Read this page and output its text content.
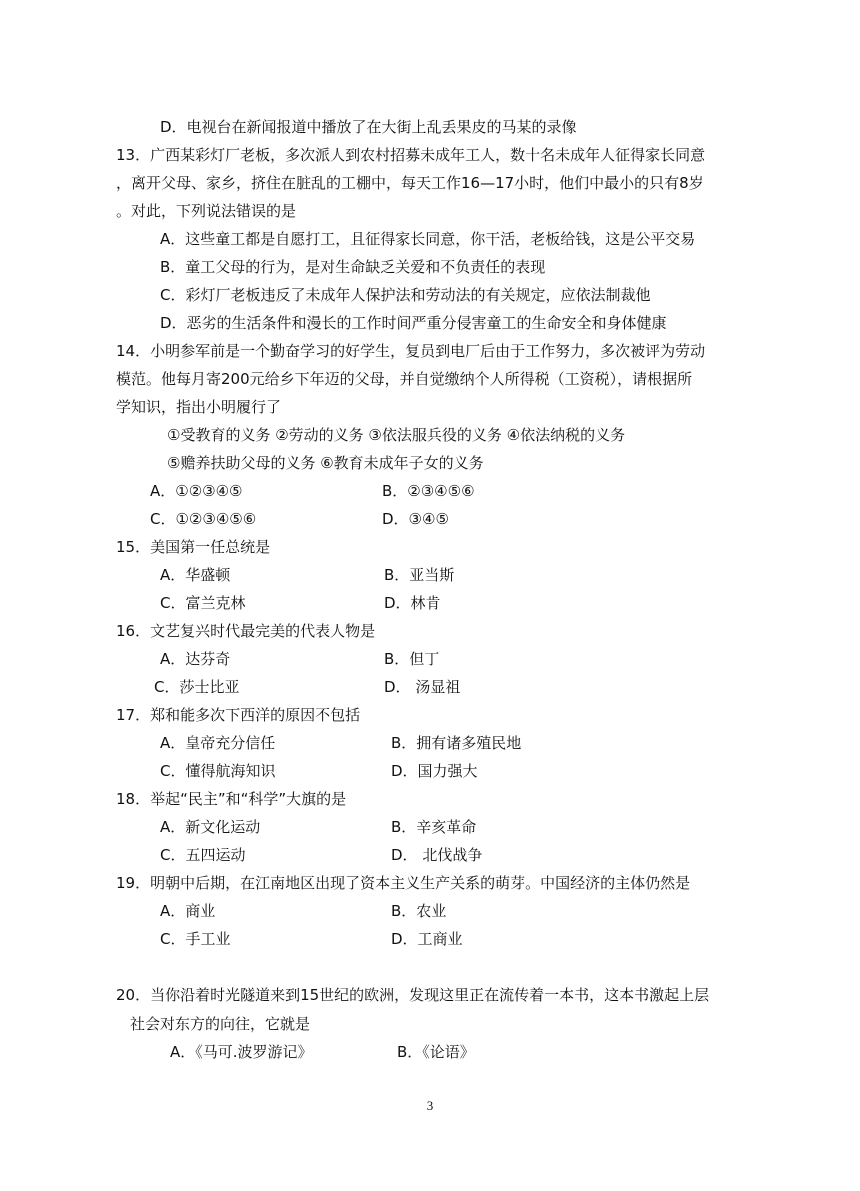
D．电视台在新闻报道中播放了在大街上乱丢果皮的马某的录像
13．广西某彩灯厂老板，多次派人到农村招募未成年工人，数十名未成年人征得家长同意
，离开父母、家乡，挤住在脏乱的工棚中，每天工作16—17小时，他们中最小的只有8岁
。对此，下列说法错误的是
A．这些童工都是自愿打工，且征得家长同意，你干活，老板给钱，这是公平交易
B．童工父母的行为，是对生命缺乏关爱和不负责任的表现
C．彩灯厂老板违反了未成年人保护法和劳动法的有关规定，应依法制裁他
D．恶劣的生活条件和漫长的工作时间严重分侵害童工的生命安全和身体健康
14．小明参军前是一个勤奋学习的好学生，复员到电厂后由于工作努力，多次被评为劳动
模范。他每月寄200元给乡下年迈的父母，并自觉缴纳个人所得税（工资税），请根据所
学知识，指出小明履行了
①受教育的义务 ②劳动的义务 ③依法服兵役的义务 ④依法纳税的义务
⑤赡养扶助父母的义务 ⑥教育未成年子女的义务
A．①②③④⑤	B．②③④⑤⑥
C．①②③④⑤⑥	D．③④⑤
15．美国第一任总统是
A．华盛顿	B．亚当斯
C．富兰克林	D．林肯
16．文艺复兴时代最完美的代表人物是
A．达芬奇	B．但丁
C．莎士比亚	D． 汤显祖
17．郑和能多次下西洋的原因不包括
A．皇帝充分信任	B．拥有诸多殖民地
C．懂得航海知识	D．国力强大
18．举起“民主”和“科学”大旗的是
A．新文化运动	B．辛亥革命
C．五四运动	D． 北伐战争
19．明朝中后期，在江南地区出现了资本主义生产关系的萌芽。中国经济的主体仍然是
A．商业	B．农业
C．手工业	D．工商业
20．当你沿着时光隧道来到15世纪的欧洲，发现这里正在流传着一本书，这本书激起上层
社会对东方的向往，它就是
A．《马可.波罗游记》	B．《论语》
3
